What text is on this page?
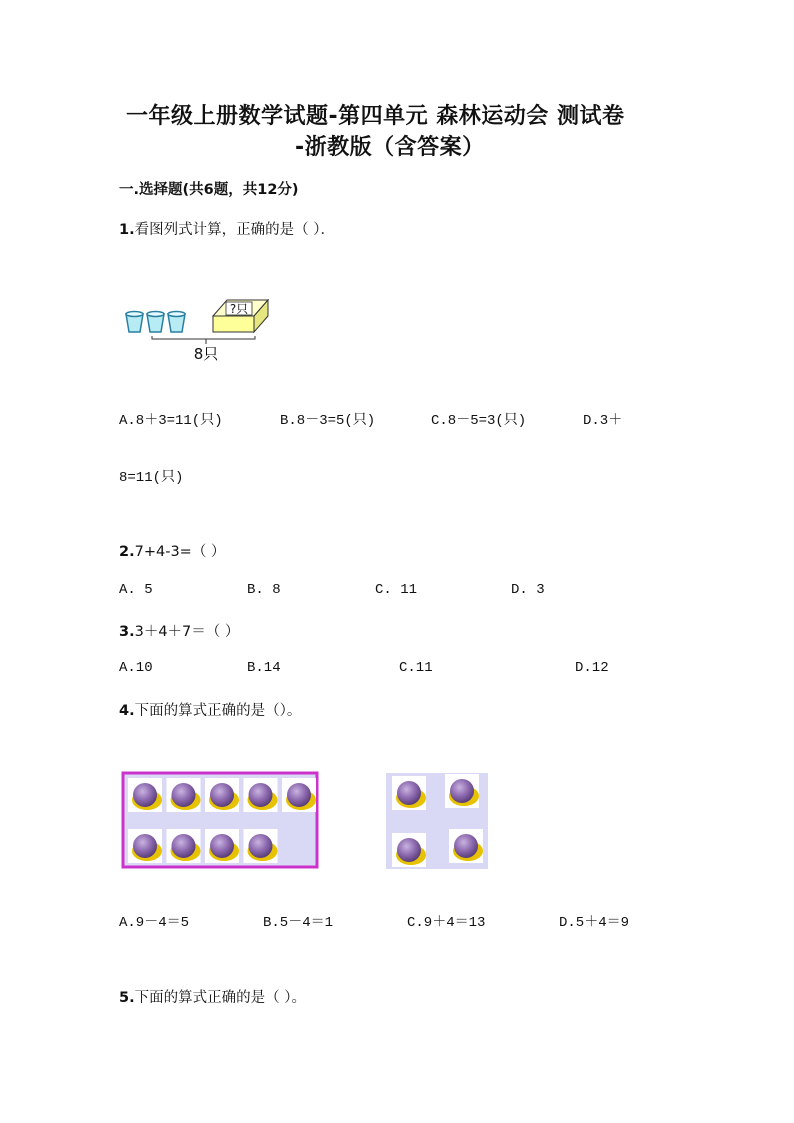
一年级上册数学试题-第四单元 森林运动会 测试卷
-浙教版（含答案）
一.选择题(共6题，共12分)
1.看图列式计算，正确的是（ ）．
?只
8只
A.8＋3=11(只)	B.8－3=5(只)	C.8－5=3(只)	D.3＋
8=11(只)
2.7+4-3=（ ）
A. 5	B. 8	C. 11	D. 3
3.3＋4＋7＝（ ）
A.10	B.14	C.11	D.12
4.下面的算式正确的是（）。
A.9－4＝5	B.5－4＝1	C.9＋4＝13	D.5＋4＝9
5.下面的算式正确的是（ ）。
